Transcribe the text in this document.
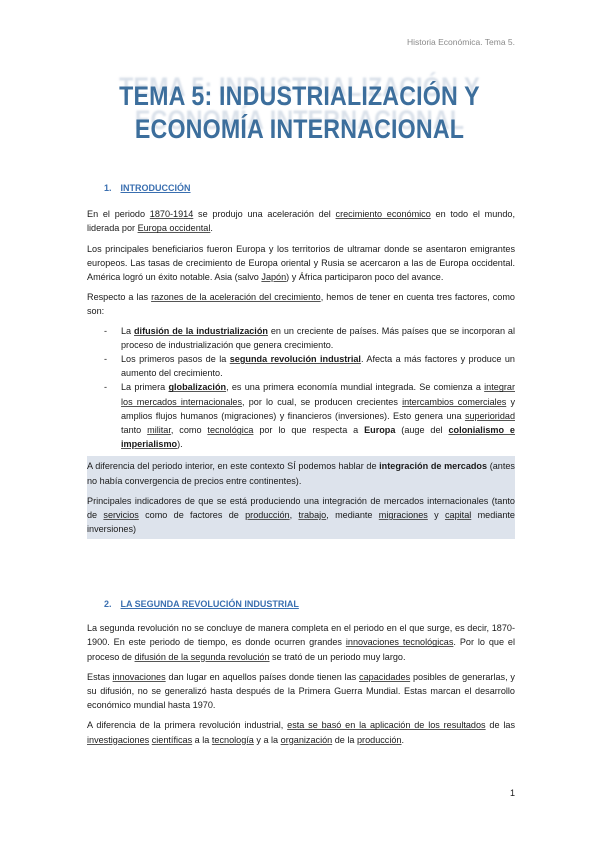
Historia Económica. Tema 5.
TEMA 5: INDUSTRIALIZACIÓN Y
ECONOMÍA INTERNACIONAL
1. INTRODUCCIÓN

En el periodo 1870-1914 se produjo una aceleración del crecimiento económico en todo el mundo, liderada por Europa occidental.

Los principales beneficiarios fueron Europa y los territorios de ultramar donde se asentaron emigrantes europeos. Las tasas de crecimiento de Europa oriental y Rusia se acercaron a las de Europa occidental. América logró un éxito notable. Asia (salvo Japón) y África participaron poco del avance.

Respecto a las razones de la aceleración del crecimiento, hemos de tener en cuenta tres factores, como son:

- La difusión de la industrialización en un creciente de países. Más países que se incorporan al proceso de industrialización que genera crecimiento.
- Los primeros pasos de la segunda revolución industrial. Afecta a más factores y produce un aumento del crecimiento.
- La primera globalización, es una primera economía mundial integrada. Se comienza a integrar los mercados internacionales, por lo cual, se producen crecientes intercambios comerciales y amplios flujos humanos (migraciones) y financieros (inversiones). Esto genera una superioridad tanto militar, como tecnológica por lo que respecta a Europa (auge del colonialismo e imperialismo).

A diferencia del periodo interior, en este contexto SÍ podemos hablar de integración de mercados (antes no había convergencia de precios entre continentes).

Principales indicadores de que se está produciendo una integración de mercados internacionales (tanto de servicios como de factores de producción, trabajo, mediante migraciones y capital mediante inversiones)

2. LA SEGUNDA REVOLUCIÓN INDUSTRIAL

La segunda revolución no se concluye de manera completa en el periodo en el que surge, es decir, 1870-1900. En este periodo de tiempo, es donde ocurren grandes innovaciones tecnológicas. Por lo que el proceso de difusión de la segunda revolución se trató de un periodo muy largo.

Estas innovaciones dan lugar en aquellos países donde tienen las capacidades posibles de generarlas, y su difusión, no se generalizó hasta después de la Primera Guerra Mundial. Estas marcan el desarrollo económico mundial hasta 1970.

A diferencia de la primera revolución industrial, esta se basó en la aplicación de los resultados de las investigaciones científicas a la tecnología y a la organización de la producción.

1
